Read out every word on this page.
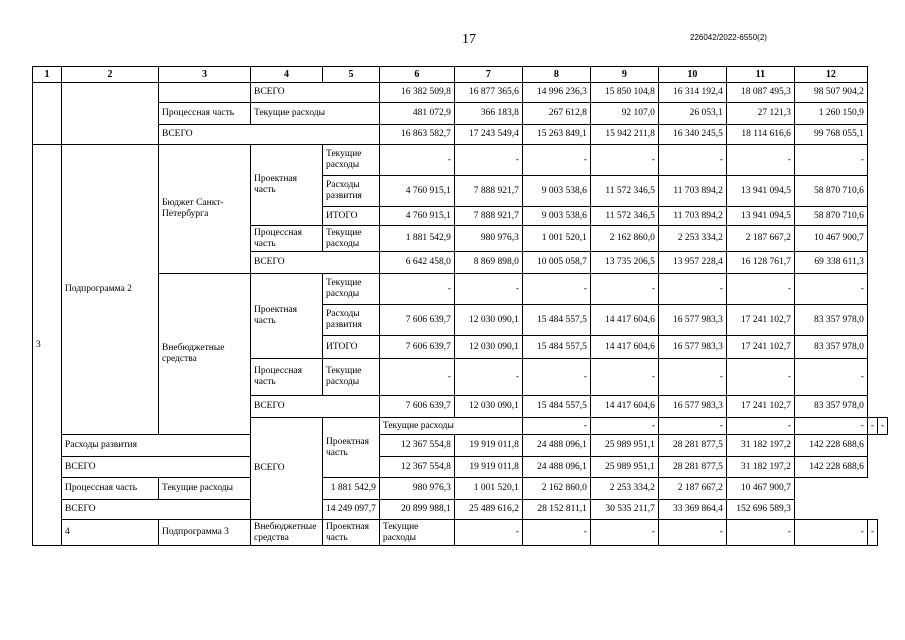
17	226042/2022-6550(2)
1	2	3	4	5	6	7	8	9	10	11	12		
			ВСЕГО		16 382 509,8	16 877 365,6	14 996 236,3	15 850 104,8	16 314 192,4	18 087 495,3	98 507 904,2		
		Процессная часть	Текущие расходы		481 072,9	366 183,8	267 612,8	92 107,0	26 053,1	27 121,3	1 260 150,9		
		ВСЕГО			16 863 582,7	17 243 549,4	15 263 849,1	15 942 211,8	16 340 245,5	18 114 616,6	99 768 055,1		
3	Подпрограмма 2	Бюджет Санкт-Петербурга	Проектная часть	Текущие расходы	-	-	-	-	-	-	-		
				Расходы развития	4 760 915,1	7 888 921,7	9 003 538,6	11 572 346,5	11 703 894,2	13 941 094,5	58 870 710,6		
				ИТОГО	4 760 915,1	7 888 921,7	9 003 538,6	11 572 346,5	11 703 894,2	13 941 094,5	58 870 710,6		
			Процессная часть	Текущие расходы	1 881 542,9	980 976,3	1 001 520,1	2 162 860,0	2 253 334,2	2 187 667,2	10 467 900,7		
			ВСЕГО		6 642 458,0	8 869 898,0	10 005 058,7	13 735 206,5	13 957 228,4	16 128 761,7	69 338 611,3		
		Внебюджетные средства	Проектная часть	Текущие расходы	-	-	-	-	-	-	-		
				Расходы развития	7 606 639,7	12 030 090,1	15 484 557,5	14 417 604,6	16 577 983,3	17 241 102,7	83 357 978,0		
				ИТОГО	7 606 639,7	12 030 090,1	15 484 557,5	14 417 604,6	16 577 983,3	17 241 102,7	83 357 978,0		
			Процессная часть	Текущие расходы	-	-	-	-	-	-	-		
			ВСЕГО		7 606 639,7	12 030 090,1	15 484 557,5	14 417 604,6	16 577 983,3	17 241 102,7	83 357 978,0		
			ВСЕГО	Проектная часть	Текущие расходы		-	-	-	-	-	-	-
	Расходы развития				12 367 554,8	19 919 011,8	24 488 096,1	25 989 951,1	28 281 877,5	31 182 197,2	142 228 688,6		
	ВСЕГО				12 367 554,8	19 919 011,8	24 488 096,1	25 989 951,1	28 281 877,5	31 182 197,2	142 228 688,6		
	Процессная часть	Текущие расходы		1 881 542,9	980 976,3	1 001 520,1	2 162 860,0	2 253 334,2	2 187 667,2	10 467 900,7			
	ВСЕГО			14 249 097,7	20 899 988,1	25 489 616,2	28 152 811,1	30 535 211,7	33 369 864,4	152 696 589,3			
	4	Подпрограмма 3	Внебюджетные средства	Проектная часть	Текущие расходы	-	-	-	-	-	-	-	
